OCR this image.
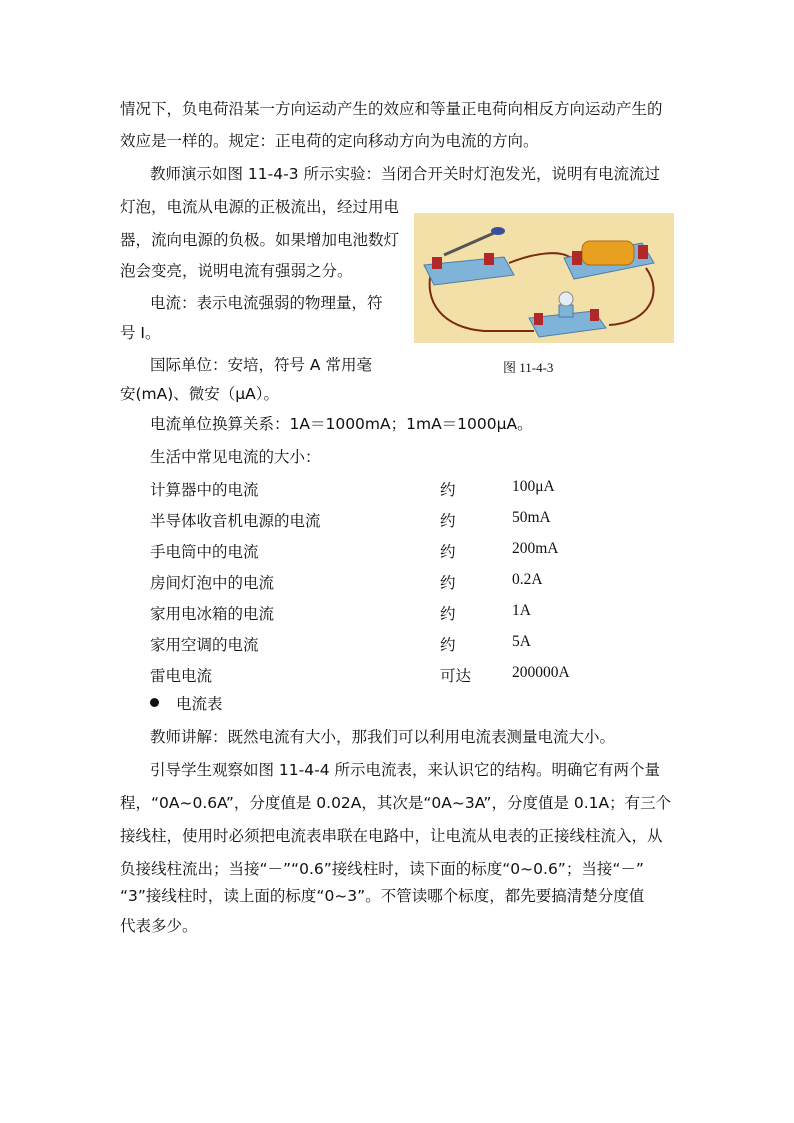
情况下，负电荷沿某一方向运动产生的效应和等量正电荷向相反方向运动产生的
效应是一样的。规定：正电荷的定向移动方向为电流的方向。
教师演示如图 11-4-3 所示实验：当闭合开关时灯泡发光，说明有电流流过
灯泡，电流从电源的正极流出，经过用电
器，流向电源的负极。如果增加电池数灯
泡会变亮，说明电流有强弱之分。
电流：表示电流强弱的物理量，符
号 I。
国际单位：安培，符号 A 常用毫
安(mA)、微安（μA）。
图 11-4-3
电流单位换算关系：1A＝1000mA；1mA＝1000μA。
生活中常见电流的大小：
计算器中的电流	约	100μA
半导体收音机电源的电流	约	50mA
手电筒中的电流	约	200mA
房间灯泡中的电流	约	0.2A
家用电冰箱的电流	约	1A
家用空调的电流	约	5A
雷电电流	可达	200000A
电流表
教师讲解：既然电流有大小，那我们可以利用电流表测量电流大小。
引导学生观察如图 11-4-4 所示电流表，来认识它的结构。明确它有两个量
程，“0A~0.6A”，分度值是 0.02A，其次是“0A~3A”，分度值是 0.1A；有三个
接线柱，使用时必须把电流表串联在电路中，让电流从电表的正接线柱流入，从
负接线柱流出；当接“－”“0.6”接线柱时，读下面的标度“0~0.6”；当接“－”
“3”接线柱时，读上面的标度“0~3”。不管读哪个标度，都先要搞清楚分度值
代表多少。
